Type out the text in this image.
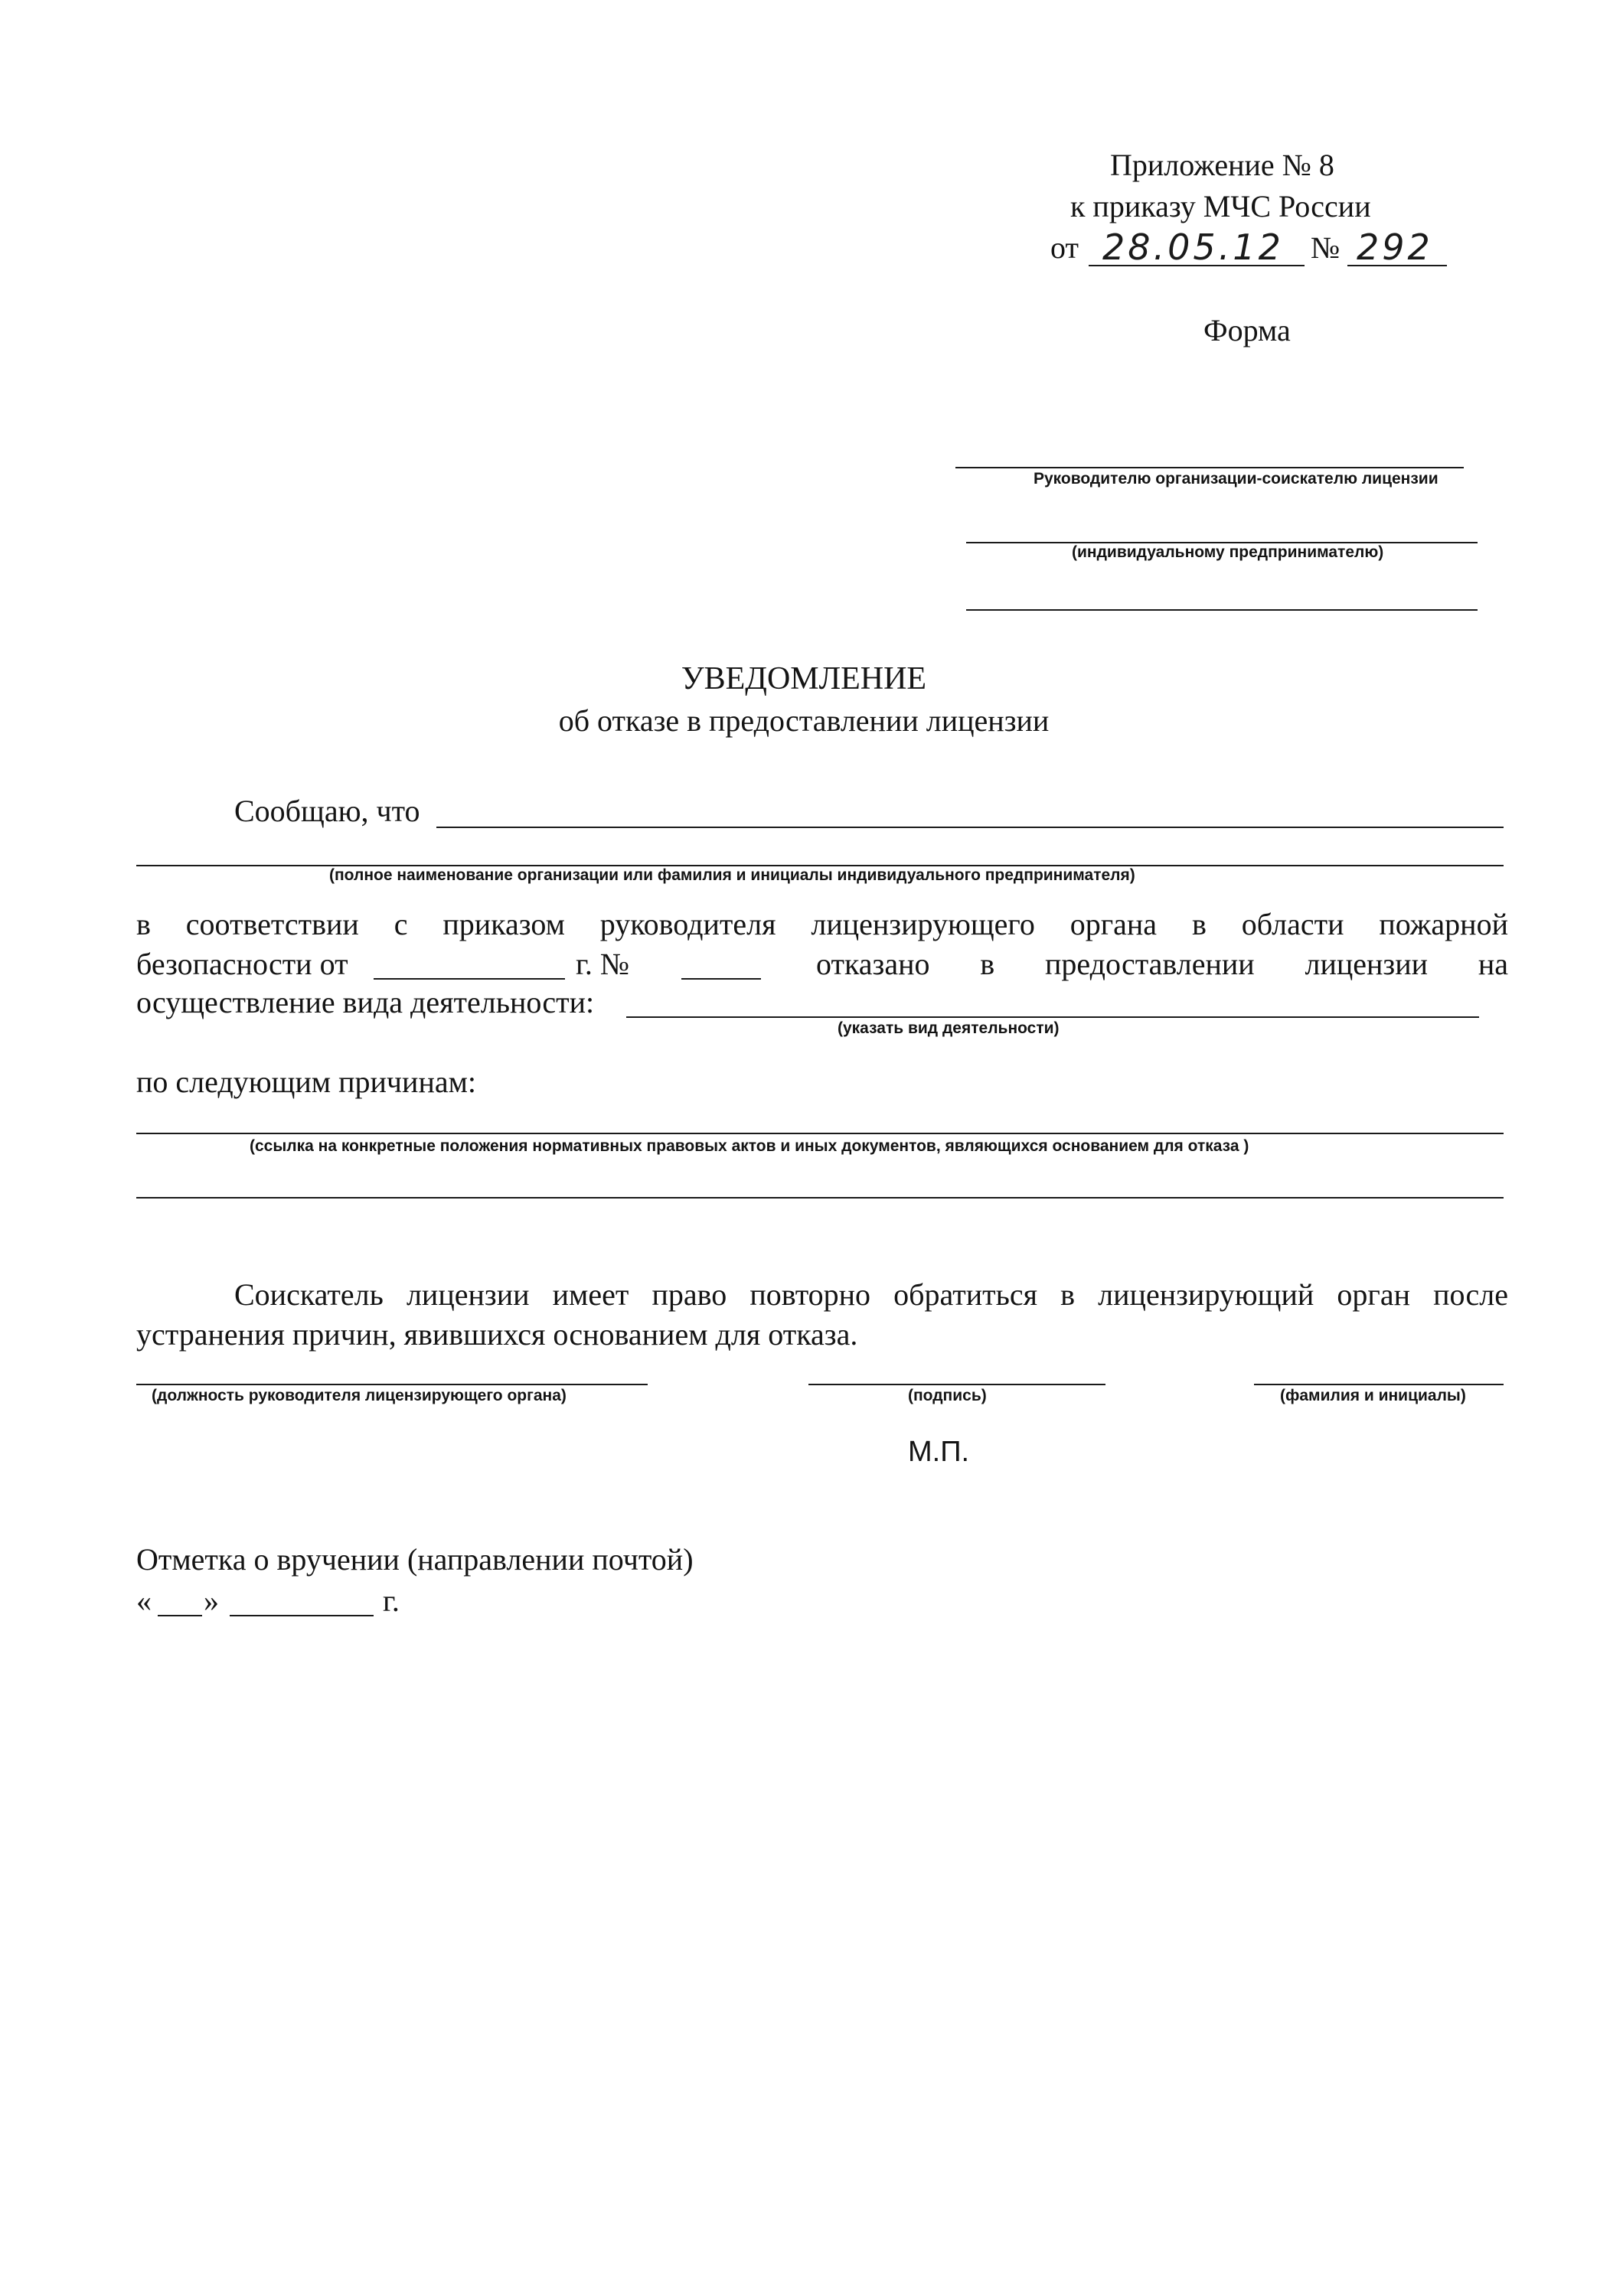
Приложение № 8
к приказу МЧС России
от 28.05.12 № 292
Форма
Руководителю организации-соискателю лицензии
(индивидуальному предпринимателю)
УВЕДОМЛЕНИЕ
об отказе в предоставлении лицензии
Сообщаю, что
(полное наименование организации или фамилия и инициалы индивидуального предпринимателя)
в соответствии с приказом руководителя лицензирующего органа в области пожарной
безопасности от	г. №	отказано в предоставлении лицензии на
осуществление вида деятельности:
(указать вид деятельности)
по следующим причинам:
(ссылка на конкретные положения нормативных правовых актов и иных документов, являющихся основанием для отказа )
Соискатель лицензии имеет право повторно обратиться в лицензирующий орган после
устранения причин, явившихся основанием для отказа.
(должность руководителя лицензирующего органа)	(подпись)	(фамилия и инициалы)
М.П.
Отметка о вручении (направлении почтой)
« »	г.
